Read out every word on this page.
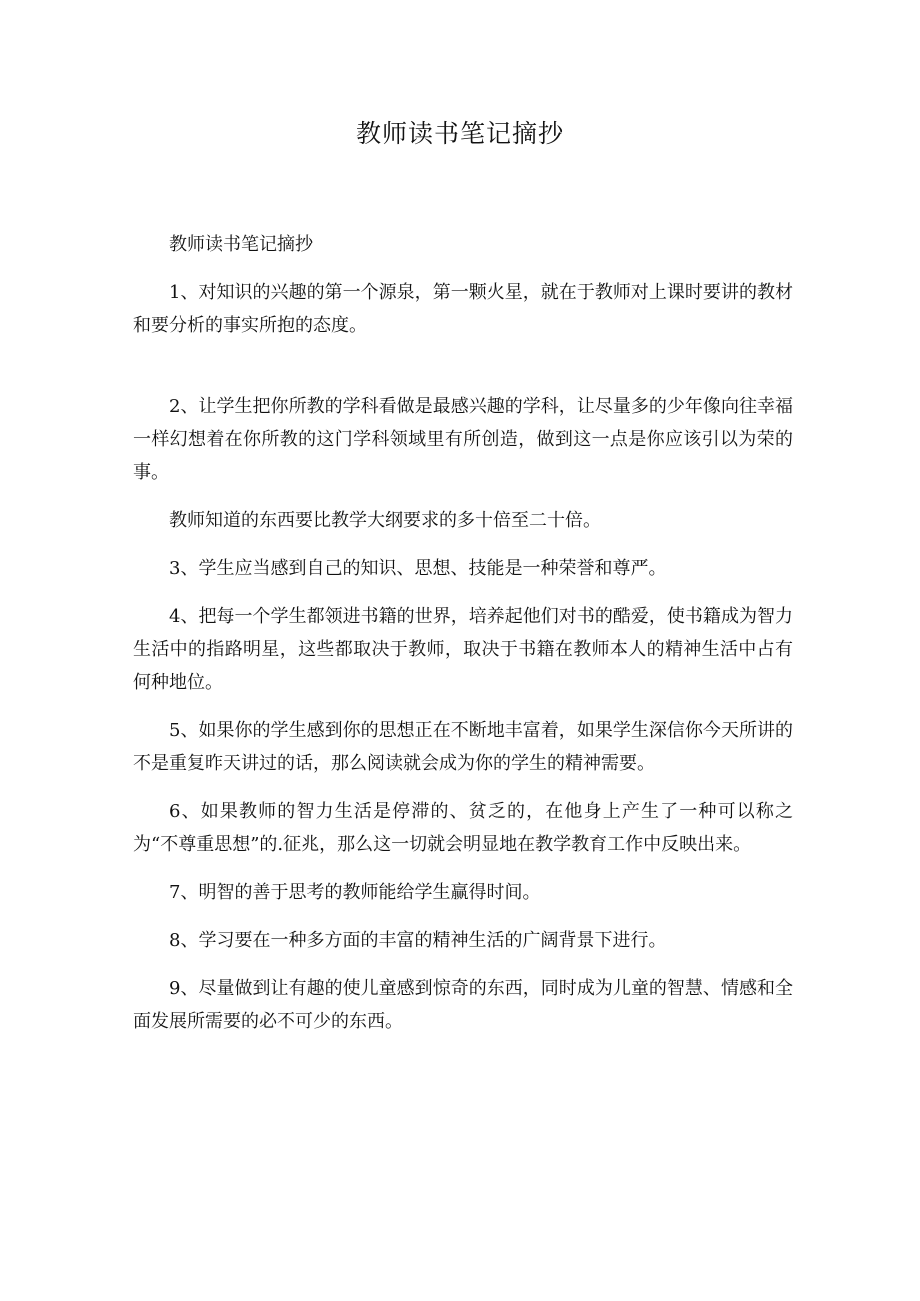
教师读书笔记摘抄

教师读书笔记摘抄

1、对知识的兴趣的第一个源泉，第一颗火星，就在于教师对上课时要讲的教材和要分析的事实所抱的态度。

2、让学生把你所教的学科看做是最感兴趣的学科，让尽量多的少年像向往幸福一样幻想着在你所教的这门学科领域里有所创造，做到这一点是你应该引以为荣的事。

教师知道的东西要比教学大纲要求的多十倍至二十倍。

3、学生应当感到自己的知识、思想、技能是一种荣誉和尊严。

4、把每一个学生都领进书籍的世界，培养起他们对书的酷爱，使书籍成为智力生活中的指路明星，这些都取决于教师，取决于书籍在教师本人的精神生活中占有何种地位。

5、如果你的学生感到你的思想正在不断地丰富着，如果学生深信你今天所讲的不是重复昨天讲过的话，那么阅读就会成为你的学生的精神需要。

6、如果教师的智力生活是停滞的、贫乏的，在他身上产生了一种可以称之为“不尊重思想”的.征兆，那么这一切就会明显地在教学教育工作中反映出来。

7、明智的善于思考的教师能给学生赢得时间。

8、学习要在一种多方面的丰富的精神生活的广阔背景下进行。

9、尽量做到让有趣的使儿童感到惊奇的东西，同时成为儿童的智慧、情感和全面发展所需要的必不可少的东西。
